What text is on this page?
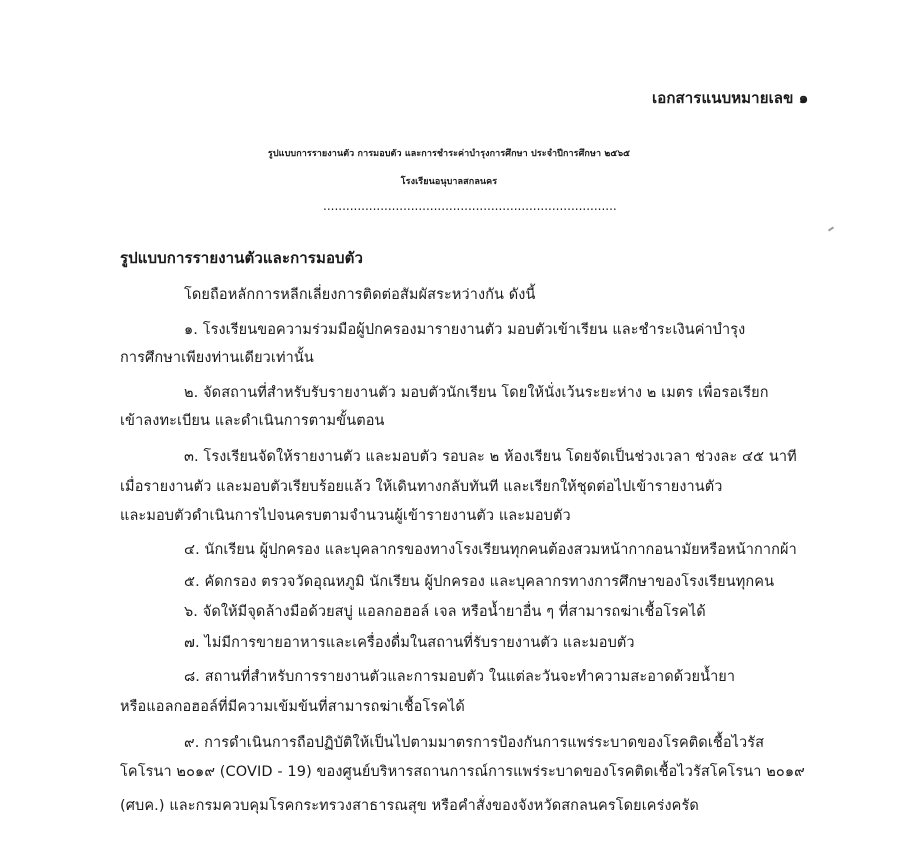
เอกสารแนบหมายเลข ๑
รูปแบบการรายงานตัว การมอบตัว และการชำระค่าบำรุงการศึกษา ประจำปีการศึกษา ๒๕๖๕
โรงเรียนอนุบาลสกลนคร
.............................................................................
รูปแบบการรายงานตัวและการมอบตัว
โดยถือหลักการหลีกเลี่ยงการติดต่อสัมผัสระหว่างกัน ดังนี้
๑. โรงเรียนขอความร่วมมือผู้ปกครองมารายงานตัว มอบตัวเข้าเรียน และชำระเงินค่าบำรุง
การศึกษาเพียงท่านเดียวเท่านั้น
๒. จัดสถานที่สำหรับรับรายงานตัว มอบตัวนักเรียน โดยให้นั่งเว้นระยะห่าง ๒ เมตร เพื่อรอเรียก
เข้าลงทะเบียน และดำเนินการตามขั้นตอน
๓. โรงเรียนจัดให้รายงานตัว และมอบตัว รอบละ ๒ ห้องเรียน โดยจัดเป็นช่วงเวลา ช่วงละ ๔๕ นาที
เมื่อรายงานตัว และมอบตัวเรียบร้อยแล้ว ให้เดินทางกลับทันที และเรียกให้ชุดต่อไปเข้ารายงานตัว
และมอบตัวดำเนินการไปจนครบตามจำนวนผู้เข้ารายงานตัว และมอบตัว
๔. นักเรียน ผู้ปกครอง และบุคลากรของทางโรงเรียนทุกคนต้องสวมหน้ากากอนามัยหรือหน้ากากผ้า
๕. คัดกรอง ตรวจวัดอุณหภูมิ นักเรียน ผู้ปกครอง และบุคลากรทางการศึกษาของโรงเรียนทุกคน
๖. จัดให้มีจุดล้างมือด้วยสบู่ แอลกอฮอล์ เจล หรือน้ำยาอื่น ๆ ที่สามารถฆ่าเชื้อโรคได้
๗. ไม่มีการขายอาหารและเครื่องดื่มในสถานที่รับรายงานตัว และมอบตัว
๘. สถานที่สำหรับการรายงานตัวและการมอบตัว ในแต่ละวันจะทำความสะอาดด้วยน้ำยา
หรือแอลกอฮอล์ที่มีความเข้มข้นที่สามารถฆ่าเชื้อโรคได้
๙. การดำเนินการถือปฏิบัติให้เป็นไปตามมาตรการป้องกันการแพร่ระบาดของโรคติดเชื้อไวรัส
โคโรนา ๒๐๑๙ (COVID - 19) ของศูนย์บริหารสถานการณ์การแพร่ระบาดของโรคติดเชื้อไวรัสโคโรนา ๒๐๑๙
(ศบค.) และกรมควบคุมโรคกระทรวงสาธารณสุข หรือคำสั่งของจังหวัดสกลนครโดยเคร่งครัด
